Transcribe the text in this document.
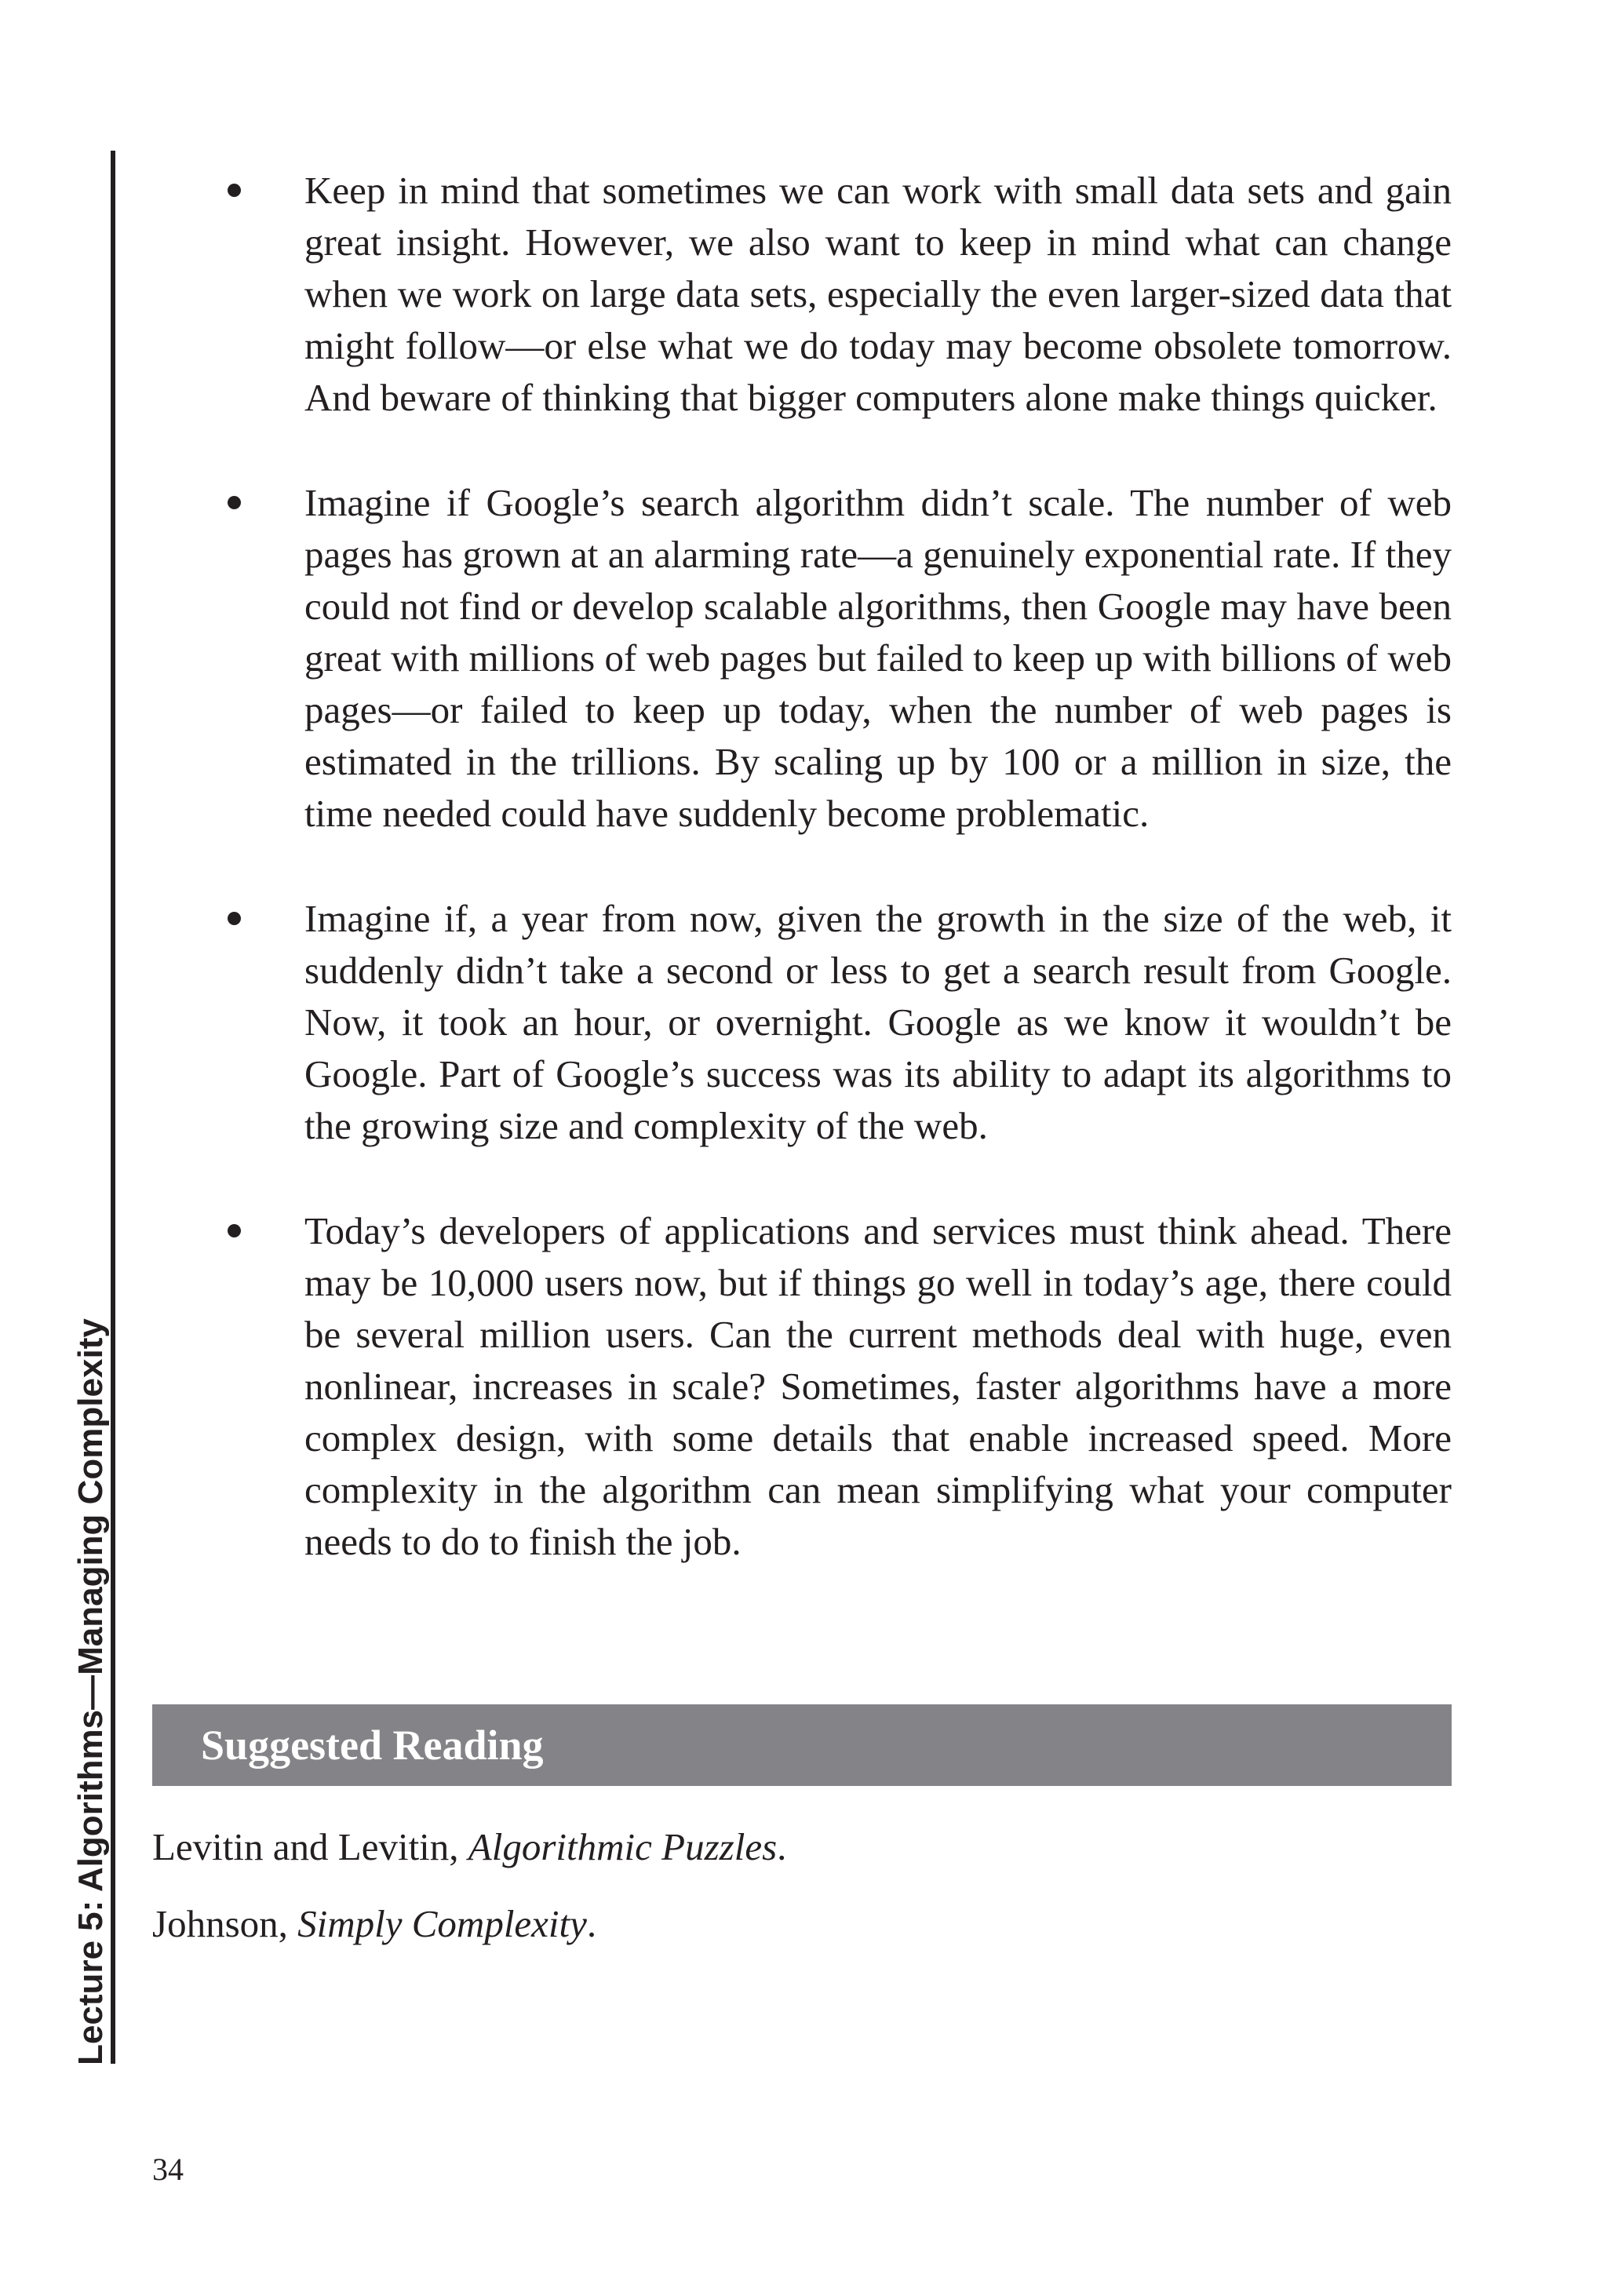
Lecture 5: Algorithms—Managing Complexity
Keep in mind that sometimes we can work with small data sets and gain great insight. However, we also want to keep in mind what can change when we work on large data sets, especially the even larger-sized data that might follow—or else what we do today may become obsolete tomorrow. And beware of thinking that bigger computers alone make things quicker.
Imagine if Google’s search algorithm didn’t scale. The number of web pages has grown at an alarming rate—a genuinely exponential rate. If they could not find or develop scalable algorithms, then Google may have been great with millions of web pages but failed to keep up with billions of web pages—or failed to keep up today, when the number of web pages is estimated in the trillions. By scaling up by 100 or a million in size, the time needed could have suddenly become problematic.
Imagine if, a year from now, given the growth in the size of the web, it suddenly didn’t take a second or less to get a search result from Google. Now, it took an hour, or overnight. Google as we know it wouldn’t be Google. Part of Google’s success was its ability to adapt its algorithms to the growing size and complexity of the web.
Today’s developers of applications and services must think ahead. There may be 10,000 users now, but if things go well in today’s age, there could be several million users. Can the current methods deal with huge, even nonlinear, increases in scale? Sometimes, faster algorithms have a more complex design, with some details that enable increased speed. More complexity in the algorithm can mean simplifying what your computer needs to do to finish the job.
Suggested Reading
Levitin and Levitin, Algorithmic Puzzles.
Johnson, Simply Complexity.
34
